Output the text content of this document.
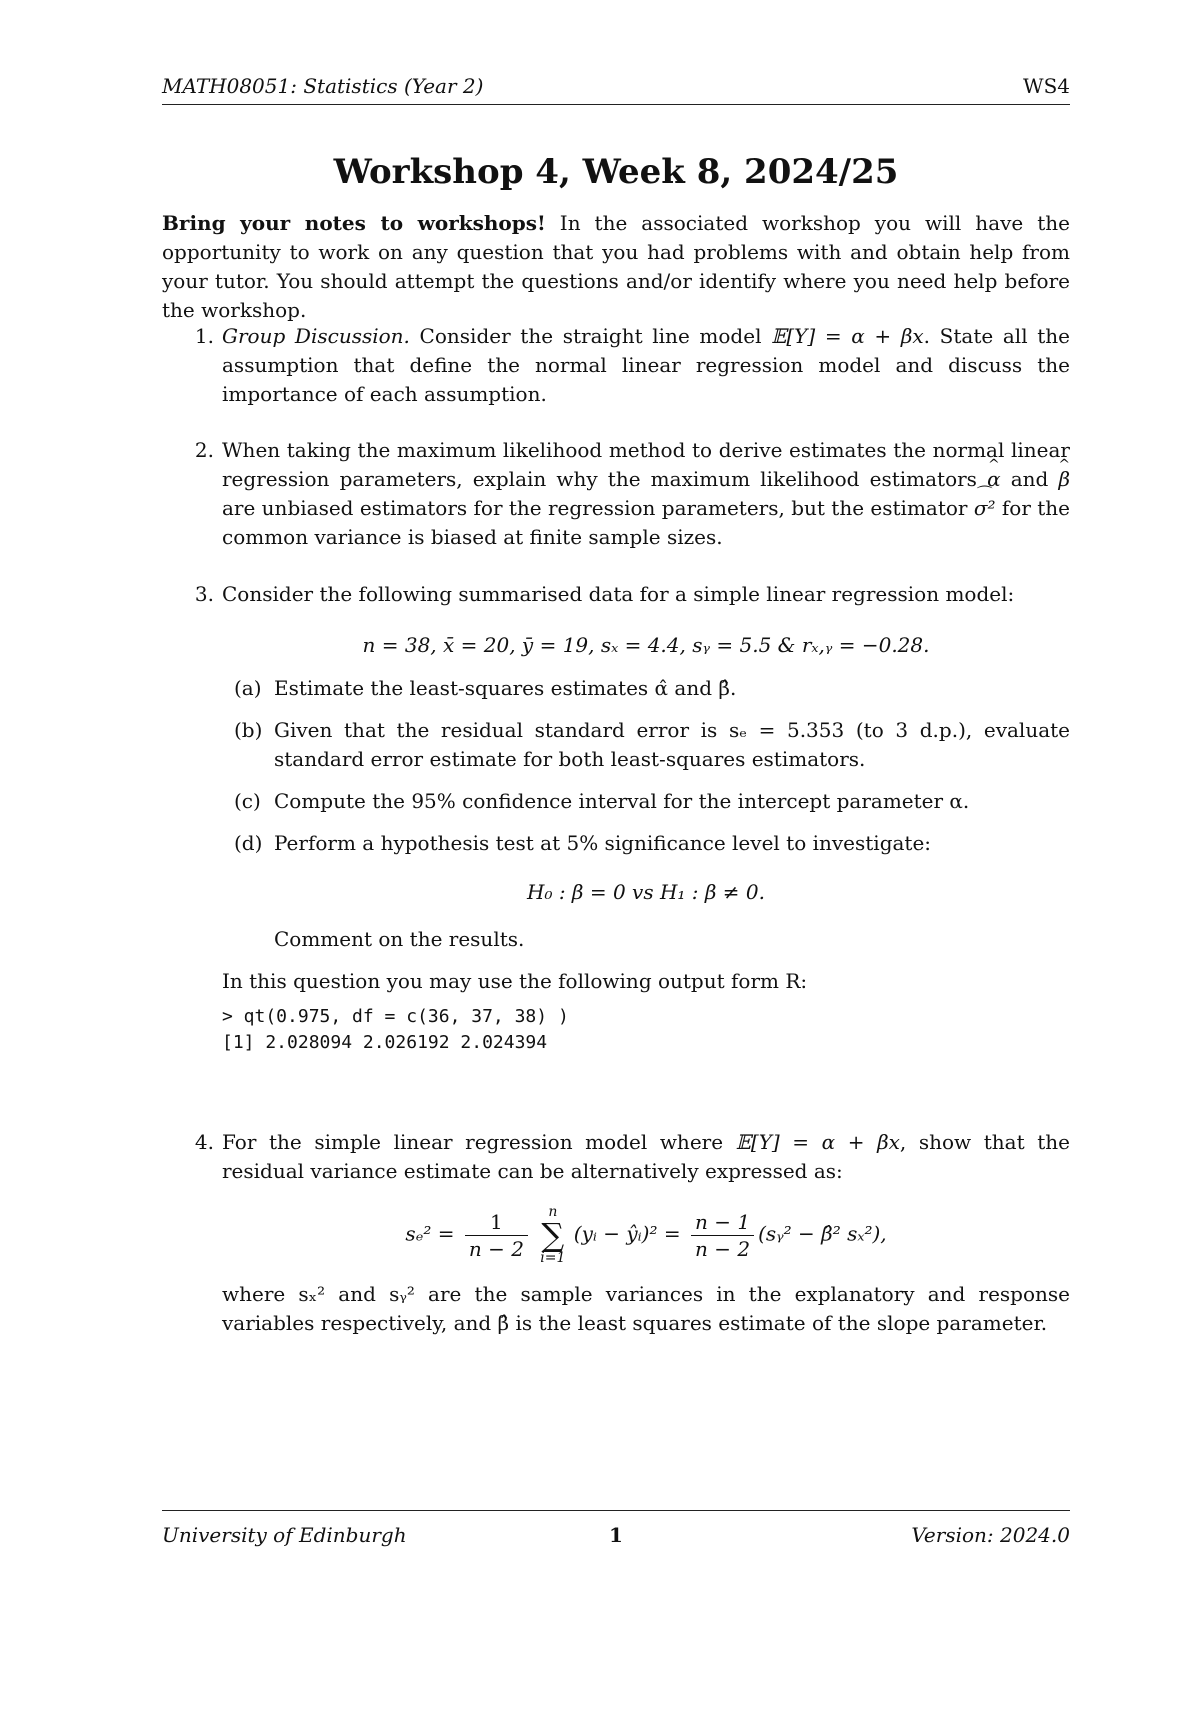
MATH08051: Statistics (Year 2)	WS4
Workshop 4, Week 8, 2024/25
Bring your notes to workshops! In the associated workshop you will have the opportunity to work on any question that you had problems with and obtain help from your tutor. You should attempt the questions and/or identify where you need help before the workshop.
1. Group Discussion. Consider the straight line model 𝔼[Y] = α + βx. State all the assumption that define the normal linear regression model and discuss the importance of each assumption.
2. When taking the maximum likelihood method to derive estimates the normal linear regression parameters, explain why the maximum likelihood estimators ^ α and ^ β are unbiased estimators for the regression parameters, but the estimator ⌒ σ² for the common variance is biased at finite sample sizes.
3. Consider the following summarised data for a simple linear regression model:
n = 38, x̄ = 20, ȳ = 19, sₓ = 4.4, sᵧ = 5.5 & rₓ,ᵧ = −0.28.
(a) Estimate the least-squares estimates α̂ and β̂.
(b) Given that the residual standard error is sₑ = 5.353 (to 3 d.p.), evaluate standard error estimate for both least-squares estimators.
(c) Compute the 95% confidence interval for the intercept parameter α.
(d) Perform a hypothesis test at 5% significance level to investigate:
H₀ : β = 0 vs H₁ : β ≠ 0.
Comment on the results.
In this question you may use the following output form R:
> qt(0.975, df = c(36, 37, 38) )
[1] 2.028094 2.026192 2.024394
4. For the simple linear regression model where 𝔼[Y] = α + βx, show that the residual variance estimate can be alternatively expressed as:
$s_e^2 = \frac{1}{n - 2}$
	n
∑
i=1
(yᵢ − ŷᵢ)² = $\frac{n - 1}{n - 2}$ (sᵧ² − β̂² sₓ²),
where sₓ² and sᵧ² are the sample variances in the explanatory and response variables respectively, and β̂ is the least squares estimate of the slope parameter.
University of Edinburgh	1	Version: 2024.0
